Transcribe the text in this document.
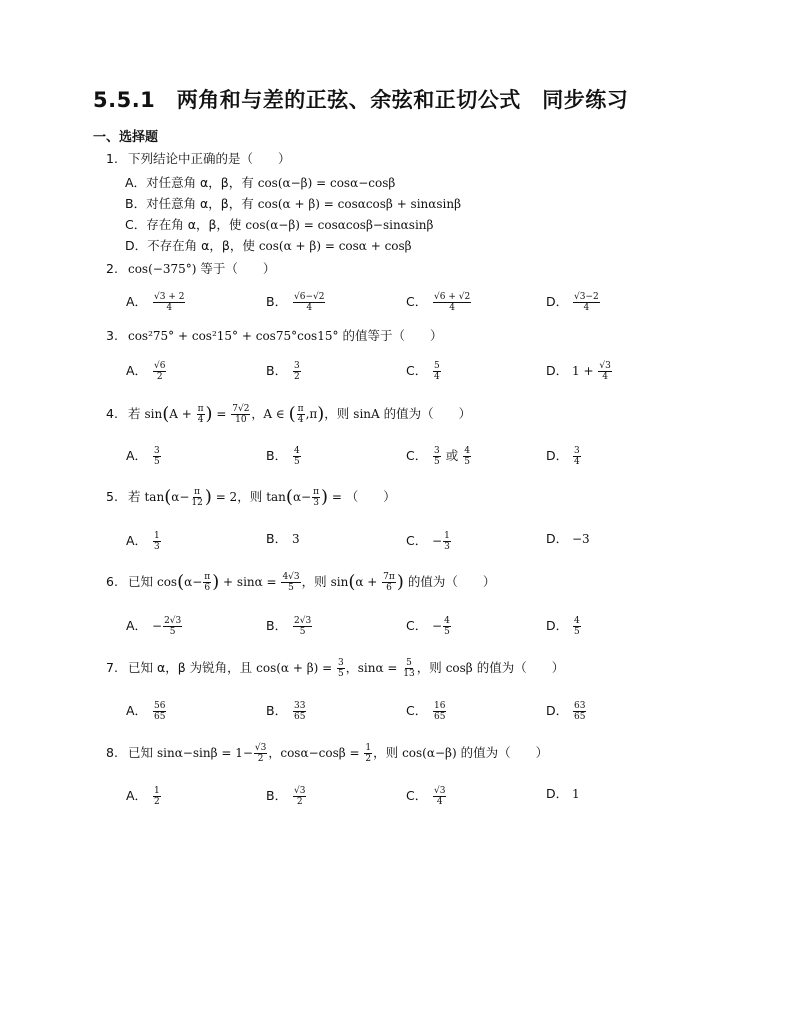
5.5.1　两角和与差的正弦、余弦和正切公式　同步练习
一、选择题
1. 下列结论中正确的是（　　）
A．对任意角 α，β，有 cos(α−β) = cosα−cosβ
B．对任意角 α，β，有 cos(α + β) = cosαcosβ + sinαsinβ
C．存在角 α，β，使 cos(α−β) = cosαcosβ−sinαsinβ
D．不存在角 α，β，使 cos(α + β) = cosα + cosβ
2. cos(−375°) 等于（　　）
A． $\frac{√3 + 2}{4}$	B． $\frac{√6-√2}{4}$	C． $\frac{√6 + √2}{4}$	D． $\frac{√3-2}{4}$
3. cos²75° + cos²15° + cos75°cos15° 的值等于（　　）
A． $\frac{√6}{2}$	B． $\frac{3}{2}$	C． $\frac{5}{4}$	D． $1 + \frac{√3}{4}$
4. 若 $\sin(A + \frac{\pi}{4}$ ) = $\frac{7√2}{10}$ ，A ∈ ( $\frac{\pi}{4} ,\pi$)，则 sinA 的值为（　　）
A． $\frac{3}{5}$	B． $\frac{4}{5}$	C． $\frac{3}{5}$ 或 $\frac{4}{5}$	D． $\frac{3}{4}$
5. 若 $\tan(\alpha- \frac{\pi}{12}$ ) = 2，则 $\tan(\alpha- \frac{\pi}{3}$ ) = （　　）
A． $\frac{1}{3}$	B． 3	C． − $\frac{1}{3}$	D． −3
6. 已知 $\cos(\alpha- \frac{\pi}{6}$ ) + $\sin\alpha = \frac{4√3}{5}$ ，则 $\sin(\alpha + \frac{7\pi}{6}$ ) 的值为（　　）
A． − $\frac{2√3}{5}$	B． $\frac{2√3}{5}$	C． − $\frac{4}{5}$	D． $\frac{4}{5}$
7. 已知 α，β 为锐角，且 $\cos(\alpha + \beta) = \frac{3}{5}$ ，$\sin\alpha = \frac{5}{13}$ ，则 cosβ 的值为（　　）
A． $\frac{56}{65}$	B． $\frac{33}{65}$	C． $\frac{16}{65}$	D． $\frac{63}{65}$
8. 已知 $\sin\alpha-\sin\beta = 1- \frac{√3}{2}$ ，$\cos\alpha-\cos\beta = \frac{1}{2}$ ，则 cos(α−β) 的值为（　　）
A． $\frac{1}{2}$	B． $\frac{√3}{2}$	C． $\frac{√3}{4}$	D． 1
